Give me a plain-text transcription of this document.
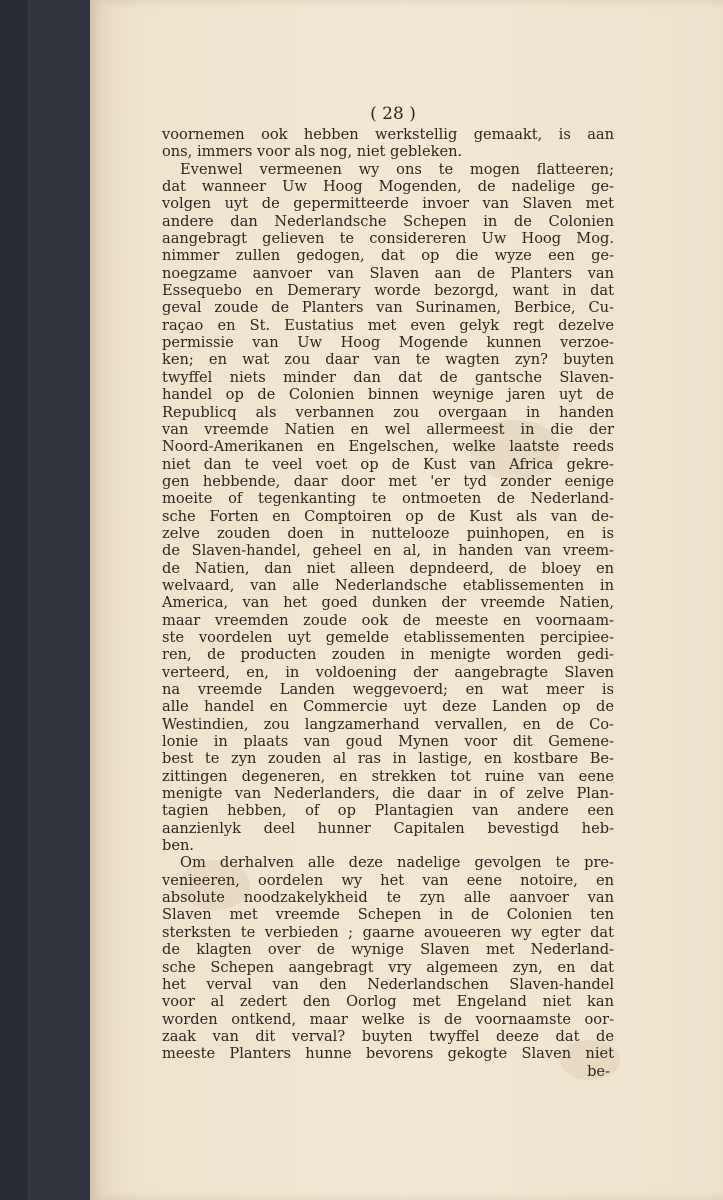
( 28 )
voornemen ook hebben werkstellig gemaakt, is aan
ons, immers voor als nog, niet gebleken.
Evenwel vermeenen wy ons te mogen flatteeren;
dat wanneer Uw Hoog Mogenden, de nadelige ge-
volgen uyt de gepermitteerde invoer van Slaven met
andere dan Nederlandsche Schepen in de Colonien
aangebragt gelieven te considereren Uw Hoog Mog.
nimmer zullen gedogen, dat op die wyze een ge-
noegzame aanvoer van Slaven aan de Planters van
Essequebo en Demerary worde bezorgd, want in dat
geval zoude de Planters van Surinamen, Berbice, Cu-
raçao en St. Eustatius met even gelyk regt dezelve
permissie van Uw Hoog Mogende kunnen verzoe-
ken; en wat zou daar van te wagten zyn? buyten
twyffel niets minder dan dat de gantsche Slaven-
handel op de Colonien binnen weynige jaren uyt de
Republicq als verbannen zou overgaan in handen
van vreemde Natien en wel allermeest in die der
Noord-Amerikanen en Engelschen, welke laatste reeds
niet dan te veel voet op de Kust van Africa gekre-
gen hebbende, daar door met 'er tyd zonder eenige
moeite of tegenkanting te ontmoeten de Nederland-
sche Forten en Comptoiren op de Kust als van de-
zelve zouden doen in nuttelooze puinhopen, en is
de Slaven-handel, geheel en al, in handen van vreem-
de Natien, dan niet alleen depndeerd, de bloey en
welvaard, van alle Nederlandsche etablissementen in
America, van het goed dunken der vreemde Natien,
maar vreemden zoude ook de meeste en voornaam-
ste voordelen uyt gemelde etablissementen percipiee-
ren, de producten zouden in menigte worden gedi-
verteerd, en, in voldoening der aangebragte Slaven
na vreemde Landen weggevoerd; en wat meer is
alle handel en Commercie uyt deze Landen op de
Westindien, zou langzamerhand vervallen, en de Co-
lonie in plaats van goud Mynen voor dit Gemene-
best te zyn zouden al ras in lastige, en kostbare Be-
zittingen degeneren, en strekken tot ruine van eene
menigte van Nederlanders, die daar in of zelve Plan-
tagien hebben, of op Plantagien van andere een
aanzienlyk deel hunner Capitalen bevestigd heb-
ben.
Om derhalven alle deze nadelige gevolgen te pre-
venieeren, oordelen wy het van eene notoire, en
absolute noodzakelykheid te zyn alle aanvoer van
Slaven met vreemde Schepen in de Colonien ten
sterksten te verbieden ; gaarne avoueeren wy egter dat
de klagten over de wynige Slaven met Nederland-
sche Schepen aangebragt vry algemeen zyn, en dat
het verval van den Nederlandschen Slaven-handel
voor al zedert den Oorlog met Engeland niet kan
worden ontkend, maar welke is de voornaamste oor-
zaak van dit verval? buyten twyffel deeze dat de
meeste Planters hunne bevorens gekogte Slaven niet
be-
